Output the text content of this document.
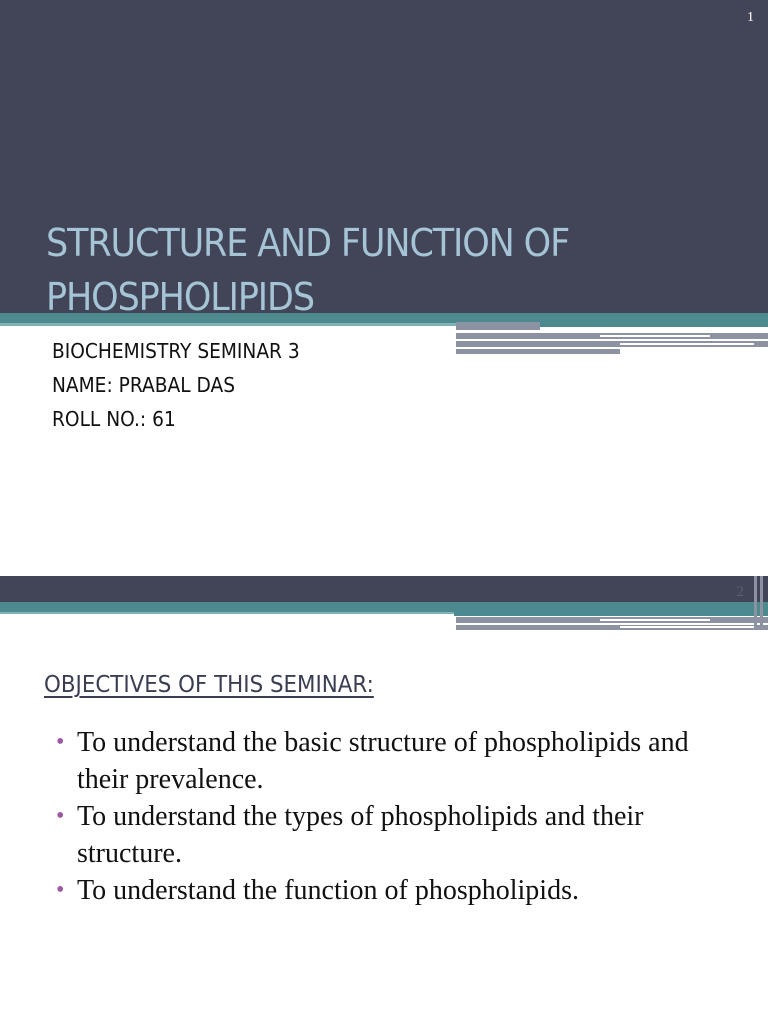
1
STRUCTURE AND FUNCTION OF
PHOSPHOLIPIDS
BIOCHEMISTRY SEMINAR 3
NAME: PRABAL DAS
ROLL NO.: 61
2
OBJECTIVES OF THIS SEMINAR:
• To understand the basic structure of phospholipids and their prevalence.
• To understand the types of phospholipids and their structure.
• To understand the function of phospholipids.
